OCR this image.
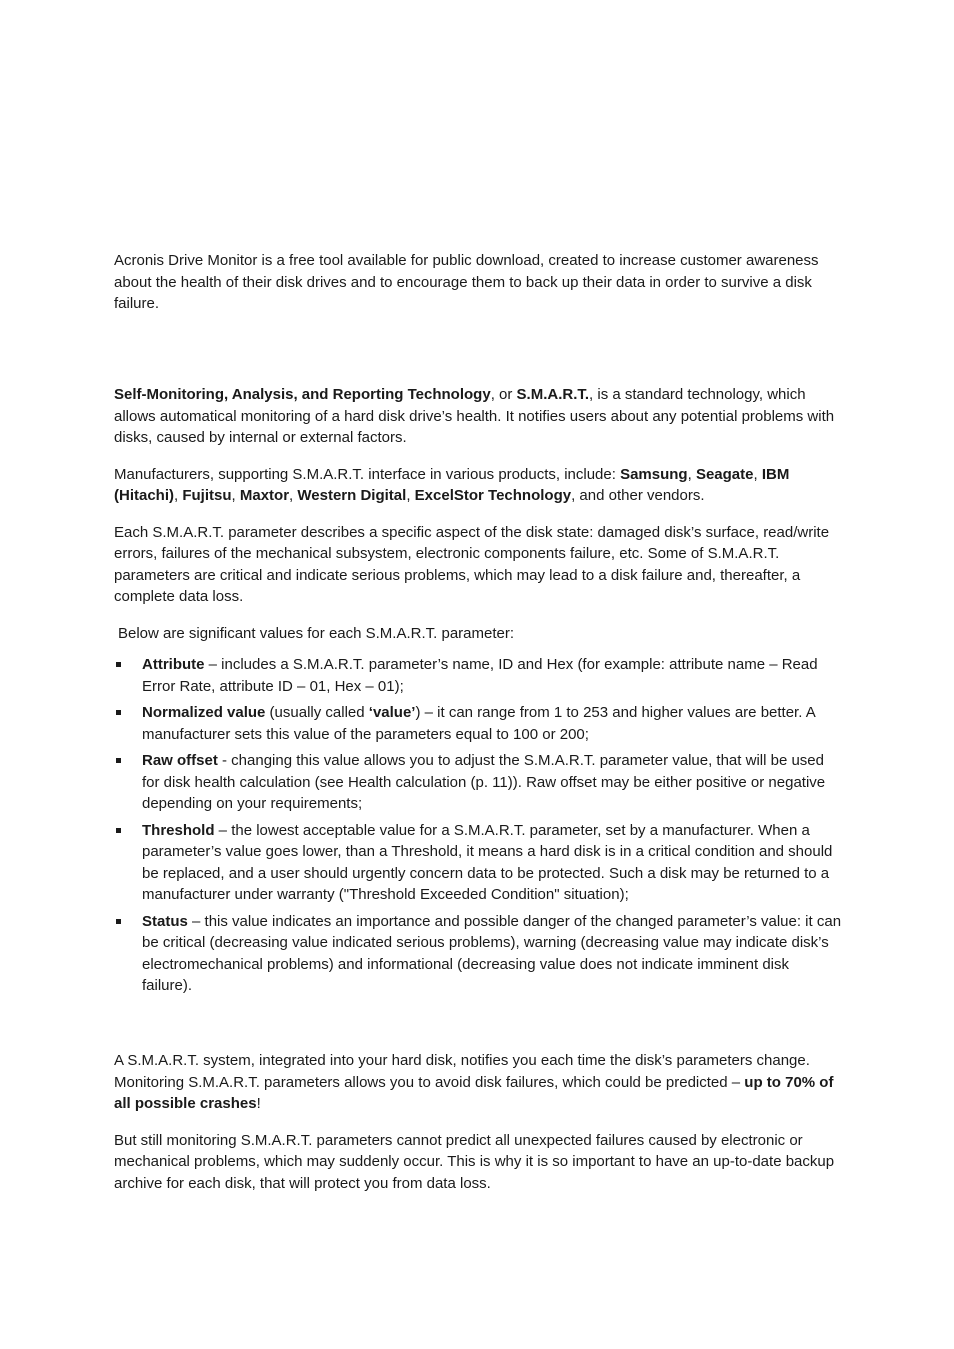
Acronis Drive Monitor is a free tool available for public download, created to increase customer awareness about the health of their disk drives and to encourage them to back up their data in order to survive a disk failure.

Self-Monitoring, Analysis, and Reporting Technology, or S.M.A.R.T., is a standard technology, which allows automatical monitoring of a hard disk drive’s health. It notifies users about any potential problems with disks, caused by internal or external factors.

Manufacturers, supporting S.M.A.R.T. interface in various products, include: Samsung, Seagate, IBM (Hitachi), Fujitsu, Maxtor, Western Digital, ExcelStor Technology, and other vendors.

Each S.M.A.R.T. parameter describes a specific aspect of the disk state: damaged disk’s surface, read/write errors, failures of the mechanical subsystem, electronic components failure, etc. Some of S.M.A.R.T. parameters are critical and indicate serious problems, which may lead to a disk failure and, thereafter, a complete data loss.

Below are significant values for each S.M.A.R.T. parameter:

Attribute – includes a S.M.A.R.T. parameter’s name, ID and Hex (for example: attribute name – Read Error Rate, attribute ID – 01, Hex – 01);
Normalized value (usually called ‘value’) – it can range from 1 to 253 and higher values are better. A manufacturer sets this value of the parameters equal to 100 or 200;
Raw offset - changing this value allows you to adjust the S.M.A.R.T. parameter value, that will be used for disk health calculation (see Health calculation (p. 11)). Raw offset may be either positive or negative depending on your requirements;
Threshold – the lowest acceptable value for a S.M.A.R.T. parameter, set by a manufacturer. When a parameter’s value goes lower, than a Threshold, it means a hard disk is in a critical condition and should be replaced, and a user should urgently concern data to be protected. Such a disk may be returned to a manufacturer under warranty ("Threshold Exceeded Condition" situation);
Status – this value indicates an importance and possible danger of the changed parameter’s value: it can be critical (decreasing value indicated serious problems), warning (decreasing value may indicate disk’s electromechanical problems) and informational (decreasing value does not indicate imminent disk failure).

A S.M.A.R.T. system, integrated into your hard disk, notifies you each time the disk’s parameters change. Monitoring S.M.A.R.T. parameters allows you to avoid disk failures, which could be predicted – up to 70% of all possible crashes!

But still monitoring S.M.A.R.T. parameters cannot predict all unexpected failures caused by electronic or mechanical problems, which may suddenly occur. This is why it is so important to have an up-to-date backup archive for each disk, that will protect you from data loss.
